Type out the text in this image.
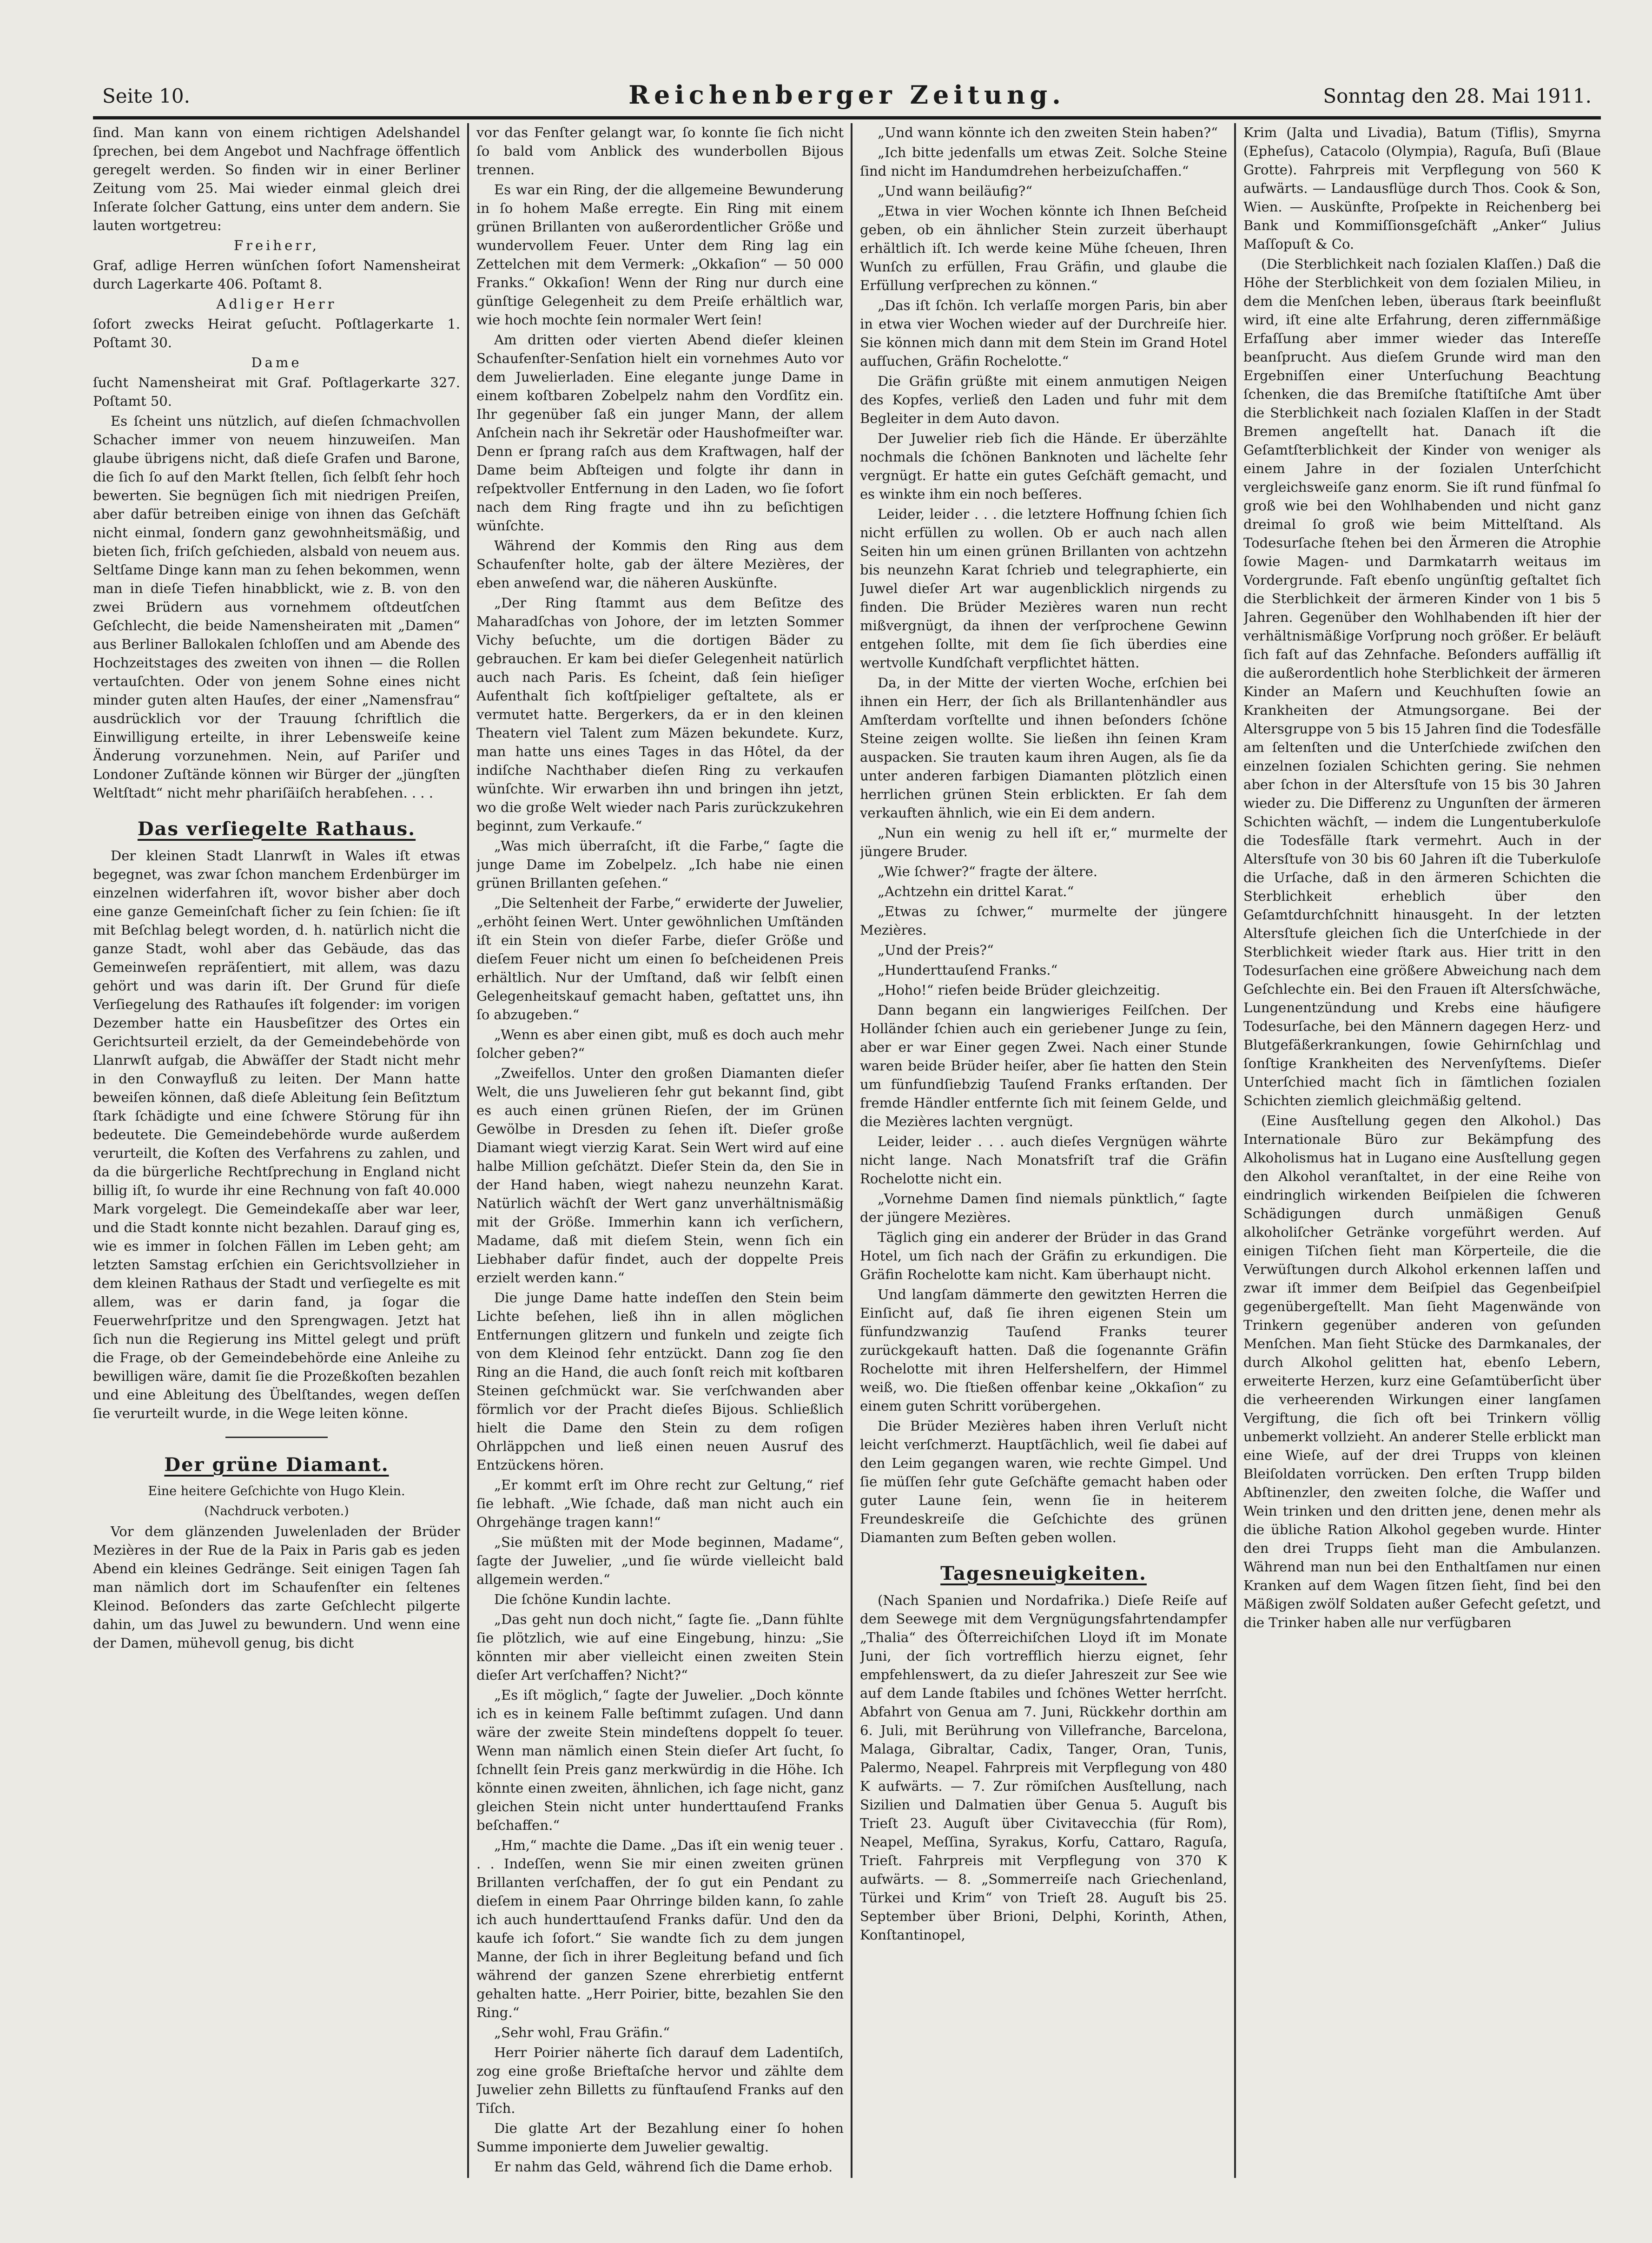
Seite 10.	Reichenberger Zeitung.	Sonntag den 28. Mai 1911.

ſind. Man kann von einem richtigen Adelshandel ſprechen, bei dem Angebot und Nachfrage öffentlich geregelt werden. So finden wir in einer Berliner Zeitung vom 25. Mai wieder einmal gleich drei Inſerate ſolcher Gattung, eins unter dem andern. Sie lauten wortgetreu:

Freiherr,

Graf, adlige Herren wünſchen ſofort Namensheirat durch Lagerkarte 406. Poſtamt 8.

Adliger Herr

ſofort zwecks Heirat geſucht. Poſtlagerkarte 1. Poſtamt 30.

Dame

ſucht Namensheirat mit Graf. Poſtlagerkarte 327. Poſtamt 50.

Es ſcheint uns nützlich, auf dieſen ſchmachvollen Schacher immer von neuem hinzuweiſen. Man glaube übrigens nicht, daß dieſe Grafen und Barone, die ſich ſo auf den Markt ſtellen, ſich ſelbſt ſehr hoch bewerten. Sie begnügen ſich mit niedrigen Preiſen, aber dafür betreiben einige von ihnen das Geſchäft nicht einmal, ſondern ganz gewohnheitsmäßig, und bieten ſich, friſch geſchieden, alsbald von neuem aus. Seltſame Dinge kann man zu ſehen bekommen, wenn man in dieſe Tiefen hinabblickt, wie z. B. von den zwei Brüdern aus vornehmem oſtdeutſchen Geſchlecht, die beide Namensheiraten mit „Damen“ aus Berliner Ballokalen ſchloſſen und am Abende des Hochzeitstages des zweiten von ihnen — die Rollen vertauſchten. Oder von jenem Sohne eines nicht minder guten alten Hauſes, der einer „Namensfrau“ ausdrücklich vor der Trauung ſchriftlich die Einwilligung erteilte, in ihrer Lebensweiſe keine Änderung vorzunehmen. Nein, auf Pariſer und Londoner Zuſtände können wir Bürger der „jüngſten Weltſtadt“ nicht mehr phariſäiſch herabſehen. . . .

Das verſiegelte Rathaus.

Der kleinen Stadt Llanrwſt in Wales iſt etwas begegnet, was zwar ſchon manchem Erdenbürger im einzelnen widerfahren iſt, wovor bisher aber doch eine ganze Gemeinſchaft ſicher zu ſein ſchien: ſie iſt mit Beſchlag belegt worden, d. h. natürlich nicht die ganze Stadt, wohl aber das Gebäude, das das Gemeinweſen repräſentiert, mit allem, was dazu gehört und was darin iſt. Der Grund für dieſe Verſiegelung des Rathauſes iſt folgender: im vorigen Dezember hatte ein Hausbeſitzer des Ortes ein Gerichtsurteil erzielt, da der Gemeindebehörde von Llanrwſt aufgab, die Abwäſſer der Stadt nicht mehr in den Conwayfluß zu leiten. Der Mann hatte beweiſen können, daß dieſe Ableitung ſein Beſitztum ſtark ſchädigte und eine ſchwere Störung für ihn bedeutete. Die Gemeindebehörde wurde außerdem verurteilt, die Koſten des Verfahrens zu zahlen, und da die bürgerliche Rechtſprechung in England nicht billig iſt, ſo wurde ihr eine Rechnung von faſt 40.000 Mark vorgelegt. Die Gemeindekaſſe aber war leer, und die Stadt konnte nicht bezahlen. Darauf ging es, wie es immer in ſolchen Fällen im Leben geht; am letzten Samstag erſchien ein Gerichtsvollzieher in dem kleinen Rathaus der Stadt und verſiegelte es mit allem, was er darin fand, ja ſogar die Feuerwehrſpritze und den Sprengwagen. Jetzt hat ſich nun die Regierung ins Mittel gelegt und prüft die Frage, ob der Gemeindebehörde eine Anleihe zu bewilligen wäre, damit ſie die Prozeßkoſten bezahlen und eine Ableitung des Übelſtandes, wegen deſſen ſie verurteilt wurde, in die Wege leiten könne.

Der grüne Diamant.

Eine heitere Geſchichte von Hugo Klein.

(Nachdruck verboten.)

Vor dem glänzenden Juwelenladen der Brüder Mezières in der Rue de la Paix in Paris gab es jeden Abend ein kleines Gedränge. Seit einigen Tagen ſah man nämlich dort im Schaufenſter ein ſeltenes Kleinod. Beſonders das zarte Geſchlecht pilgerte dahin, um das Juwel zu bewundern. Und wenn eine der Damen, mühevoll genug, bis dicht

vor das Fenſter gelangt war, ſo konnte ſie ſich nicht ſo bald vom Anblick des wunderbollen Bijous trennen.

Es war ein Ring, der die allgemeine Bewunderung in ſo hohem Maße erregte. Ein Ring mit einem grünen Brillanten von außerordentlicher Größe und wundervollem Feuer. Unter dem Ring lag ein Zettelchen mit dem Vermerk: „Okkaſion“ — 50 000 Franks.“ Okkaſion! Wenn der Ring nur durch eine günſtige Gelegenheit zu dem Preiſe erhältlich war, wie hoch mochte ſein normaler Wert ſein!

Am dritten oder vierten Abend dieſer kleinen Schaufenſter-Senſation hielt ein vornehmes Auto vor dem Juwelierladen. Eine elegante junge Dame in einem koſtbaren Zobelpelz nahm den Vordſitz ein. Ihr gegenüber ſaß ein junger Mann, der allem Anſchein nach ihr Sekretär oder Haushofmeiſter war. Denn er ſprang raſch aus dem Kraftwagen, half der Dame beim Abſteigen und folgte ihr dann in reſpektvoller Entfernung in den Laden, wo ſie ſofort nach dem Ring fragte und ihn zu beſichtigen wünſchte.

Während der Kommis den Ring aus dem Schaufenſter holte, gab der ältere Mezières, der eben anweſend war, die näheren Auskünfte.

„Der Ring ſtammt aus dem Beſitze des Maharadſchas von Johore, der im letzten Sommer Vichy beſuchte, um die dortigen Bäder zu gebrauchen. Er kam bei dieſer Gelegenheit natürlich auch nach Paris. Es ſcheint, daß ſein hieſiger Aufenthalt ſich koſtſpieliger geſtaltete, als er vermutet hatte. Bergerkers, da er in den kleinen Theatern viel Talent zum Mäzen bekundete. Kurz, man hatte uns eines Tages in das Hôtel, da der indiſche Nachthaber dieſen Ring zu verkaufen wünſchte. Wir erwarben ihn und bringen ihn jetzt, wo die große Welt wieder nach Paris zurückzukehren beginnt, zum Verkaufe.“

„Was mich überraſcht, iſt die Farbe,“ ſagte die junge Dame im Zobelpelz. „Ich habe nie einen grünen Brillanten geſehen.“

„Die Seltenheit der Farbe,“ erwiderte der Juwelier, „erhöht ſeinen Wert. Unter gewöhnlichen Umſtänden iſt ein Stein von dieſer Farbe, dieſer Größe und dieſem Feuer nicht um einen ſo beſcheidenen Preis erhältlich. Nur der Umſtand, daß wir ſelbſt einen Gelegenheitskauf gemacht haben, geſtattet uns, ihn ſo abzugeben.“

„Wenn es aber einen gibt, muß es doch auch mehr ſolcher geben?“

„Zweifellos. Unter den großen Diamanten dieſer Welt, die uns Juwelieren ſehr gut bekannt ſind, gibt es auch einen grünen Rieſen, der im Grünen Gewölbe in Dresden zu ſehen iſt. Dieſer große Diamant wiegt vierzig Karat. Sein Wert wird auf eine halbe Million geſchätzt. Dieſer Stein da, den Sie in der Hand haben, wiegt nahezu neunzehn Karat. Natürlich wächſt der Wert ganz unverhältnismäßig mit der Größe. Immerhin kann ich verſichern, Madame, daß mit dieſem Stein, wenn ſich ein Liebhaber dafür findet, auch der doppelte Preis erzielt werden kann.“

Die junge Dame hatte indeſſen den Stein beim Lichte beſehen, ließ ihn in allen möglichen Entfernungen glitzern und funkeln und zeigte ſich von dem Kleinod ſehr entzückt. Dann zog ſie den Ring an die Hand, die auch ſonſt reich mit koſtbaren Steinen geſchmückt war. Sie verſchwanden aber förmlich vor der Pracht dieſes Bijous. Schließlich hielt die Dame den Stein zu dem roſigen Ohrläppchen und ließ einen neuen Ausruf des Entzückens hören.

„Er kommt erſt im Ohre recht zur Geltung,“ rief ſie lebhaft. „Wie ſchade, daß man nicht auch ein Ohrgehänge tragen kann!“

„Sie müßten mit der Mode beginnen, Madame“, ſagte der Juwelier, „und ſie würde vielleicht bald allgemein werden.“

Die ſchöne Kundin lachte.

„Das geht nun doch nicht,“ ſagte ſie. „Dann fühlte ſie plötzlich, wie auf eine Eingebung, hinzu: „Sie könnten mir aber vielleicht einen zweiten Stein dieſer Art verſchaffen? Nicht?“

„Es iſt möglich,“ ſagte der Juwelier. „Doch könnte ich es in keinem Falle beſtimmt zuſagen. Und dann wäre der zweite Stein mindeſtens doppelt ſo teuer. Wenn man nämlich einen Stein dieſer Art ſucht, ſo ſchnellt ſein Preis ganz merkwürdig in die Höhe. Ich könnte einen zweiten, ähnlichen, ich ſage nicht, ganz gleichen Stein nicht unter hunderttauſend Franks beſchaffen.“

„Hm,“ machte die Dame. „Das iſt ein wenig teuer . . . Indeſſen, wenn Sie mir einen zweiten grünen Brillanten verſchaffen, der ſo gut ein Pendant zu dieſem in einem Paar Ohrringe bilden kann, ſo zahle ich auch hunderttauſend Franks dafür. Und den da kaufe ich ſofort.“ Sie wandte ſich zu dem jungen Manne, der ſich in ihrer Begleitung befand und ſich während der ganzen Szene ehrerbietig entfernt gehalten hatte. „Herr Poirier, bitte, bezahlen Sie den Ring.“

„Sehr wohl, Frau Gräfin.“

Herr Poirier näherte ſich darauf dem Ladentiſch, zog eine große Brieftaſche hervor und zählte dem Juwelier zehn Billetts zu fünftauſend Franks auf den Tiſch.

Die glatte Art der Bezahlung einer ſo hohen Summe imponierte dem Juwelier gewaltig.

Er nahm das Geld, während ſich die Dame erhob.

„Und wann könnte ich den zweiten Stein haben?“

„Ich bitte jedenfalls um etwas Zeit. Solche Steine ſind nicht im Handumdrehen herbeizuſchaffen.“

„Und wann beiläufig?“

„Etwa in vier Wochen könnte ich Ihnen Beſcheid geben, ob ein ähnlicher Stein zurzeit überhaupt erhältlich iſt. Ich werde keine Mühe ſcheuen, Ihren Wunſch zu erfüllen, Frau Gräfin, und glaube die Erfüllung verſprechen zu können.“

„Das iſt ſchön. Ich verlaſſe morgen Paris, bin aber in etwa vier Wochen wieder auf der Durchreiſe hier. Sie können mich dann mit dem Stein im Grand Hotel aufſuchen, Gräfin Rochelotte.“

Die Gräfin grüßte mit einem anmutigen Neigen des Kopfes, verließ den Laden und fuhr mit dem Begleiter in dem Auto davon.

Der Juwelier rieb ſich die Hände. Er überzählte nochmals die ſchönen Banknoten und lächelte ſehr vergnügt. Er hatte ein gutes Geſchäft gemacht, und es winkte ihm ein noch beſſeres.

Leider, leider . . . die letztere Hoffnung ſchien ſich nicht erfüllen zu wollen. Ob er auch nach allen Seiten hin um einen grünen Brillanten von achtzehn bis neunzehn Karat ſchrieb und telegraphierte, ein Juwel dieſer Art war augenblicklich nirgends zu finden. Die Brüder Mezières waren nun recht mißvergnügt, da ihnen der verſprochene Gewinn entgehen ſollte, mit dem ſie ſich überdies eine wertvolle Kundſchaft verpflichtet hätten.

Da, in der Mitte der vierten Woche, erſchien bei ihnen ein Herr, der ſich als Brillantenhändler aus Amſterdam vorſtellte und ihnen beſonders ſchöne Steine zeigen wollte. Sie ließen ihn ſeinen Kram auspacken. Sie trauten kaum ihren Augen, als ſie da unter anderen farbigen Diamanten plötzlich einen herrlichen grünen Stein erblickten. Er ſah dem verkauften ähnlich, wie ein Ei dem andern.

„Nun ein wenig zu hell iſt er,“ murmelte der jüngere Bruder.

„Wie ſchwer?“ fragte der ältere.

„Achtzehn ein drittel Karat.“

„Etwas zu ſchwer,“ murmelte der jüngere Mezières.

„Und der Preis?“

„Hunderttauſend Franks.“

„Hoho!“ riefen beide Brüder gleichzeitig.

Dann begann ein langwieriges Feilſchen. Der Holländer ſchien auch ein geriebener Junge zu ſein, aber er war Einer gegen Zwei. Nach einer Stunde waren beide Brüder heiſer, aber ſie hatten den Stein um fünfundſiebzig Tauſend Franks erſtanden. Der fremde Händler entfernte ſich mit ſeinem Gelde, und die Mezières lachten vergnügt.

Leider, leider . . . auch dieſes Vergnügen währte nicht lange. Nach Monatsfriſt traf die Gräfin Rochelotte nicht ein.

„Vornehme Damen ſind niemals pünktlich,“ ſagte der jüngere Mezières.

Täglich ging ein anderer der Brüder in das Grand Hotel, um ſich nach der Gräfin zu erkundigen. Die Gräfin Rochelotte kam nicht. Kam überhaupt nicht.

Und langſam dämmerte den gewitzten Herren die Einſicht auf, daß ſie ihren eigenen Stein um fünfundzwanzig Tauſend Franks teurer zurückgekauft hatten. Daß die ſogenannte Gräfin Rochelotte mit ihren Helfershelfern, der Himmel weiß, wo. Die ſtießen offenbar keine „Okkaſion“ zu einem guten Schritt vorübergehen.

Die Brüder Mezières haben ihren Verluſt nicht leicht verſchmerzt. Hauptſächlich, weil ſie dabei auf den Leim gegangen waren, wie rechte Gimpel. Und ſie müſſen ſehr gute Geſchäfte gemacht haben oder guter Laune ſein, wenn ſie in heiterem Freundeskreiſe die Geſchichte des grünen Diamanten zum Beſten geben wollen.

Tagesneuigkeiten.

(Nach Spanien und Nordafrika.) Dieſe Reiſe auf dem Seewege mit dem Vergnügungsfahrtendampfer „Thalia“ des Öſterreichiſchen Lloyd iſt im Monate Juni, der ſich vortrefflich hierzu eignet, ſehr empfehlenswert, da zu dieſer Jahreszeit zur See wie auf dem Lande ſtabiles und ſchönes Wetter herrſcht. Abfahrt von Genua am 7. Juni, Rückkehr dorthin am 6. Juli, mit Berührung von Villefranche, Barcelona, Malaga, Gibraltar, Cadix, Tanger, Oran, Tunis, Palermo, Neapel. Fahrpreis mit Verpflegung von 480 K aufwärts. — 7. Zur römiſchen Ausſtellung, nach Sizilien und Dalmatien über Genua 5. Auguſt bis Trieſt 23. Auguſt über Civitavecchia (für Rom), Neapel, Meſſina, Syrakus, Korfu, Cattaro, Raguſa, Trieſt. Fahrpreis mit Verpflegung von 370 K aufwärts. — 8. „Sommerreiſe nach Griechenland, Türkei und Krim“ von Trieſt 28. Auguſt bis 25. September über Brioni, Delphi, Korinth, Athen, Konſtantinopel,

Krim (Jalta und Livadia), Batum (Tiflis), Smyrna (Epheſus), Catacolo (Olympia), Raguſa, Buſi (Blaue Grotte). Fahrpreis mit Verpflegung von 560 K aufwärts. — Landausflüge durch Thos. Cook & Son, Wien. — Auskünfte, Proſpekte in Reichenberg bei Bank und Kommiſſionsgeſchäft „Anker“ Julius Maſſopuſt & Co.

(Die Sterblichkeit nach ſozialen Klaſſen.) Daß die Höhe der Sterblichkeit von dem ſozialen Milieu, in dem die Menſchen leben, überaus ſtark beeinflußt wird, iſt eine alte Erfahrung, deren ziffernmäßige Erfaſſung aber immer wieder das Intereſſe beanſprucht. Aus dieſem Grunde wird man den Ergebniſſen einer Unterſuchung Beachtung ſchenken, die das Bremiſche ſtatiſtiſche Amt über die Sterblichkeit nach ſozialen Klaſſen in der Stadt Bremen angeſtellt hat. Danach iſt die Geſamtſterblichkeit der Kinder von weniger als einem Jahre in der ſozialen Unterſchicht vergleichsweiſe ganz enorm. Sie iſt rund fünfmal ſo groß wie bei den Wohlhabenden und nicht ganz dreimal ſo groß wie beim Mittelſtand. Als Todesurſache ſtehen bei den Ärmeren die Atrophie ſowie Magen- und Darmkatarrh weitaus im Vordergrunde. Faſt ebenſo ungünſtig geſtaltet ſich die Sterblichkeit der ärmeren Kinder von 1 bis 5 Jahren. Gegenüber den Wohlhabenden iſt hier der verhältnismäßige Vorſprung noch größer. Er beläuft ſich faſt auf das Zehnfache. Beſonders auffällig iſt die außerordentlich hohe Sterblichkeit der ärmeren Kinder an Maſern und Keuchhuſten ſowie an Krankheiten der Atmungsorgane. Bei der Altersgruppe von 5 bis 15 Jahren ſind die Todesfälle am ſeltenſten und die Unterſchiede zwiſchen den einzelnen ſozialen Schichten gering. Sie nehmen aber ſchon in der Altersſtufe von 15 bis 30 Jahren wieder zu. Die Differenz zu Ungunſten der ärmeren Schichten wächſt, — indem die Lungentuberkuloſe die Todesfälle ſtark vermehrt. Auch in der Altersſtufe von 30 bis 60 Jahren iſt die Tuberkuloſe die Urſache, daß in den ärmeren Schichten die Sterblichkeit erheblich über den Geſamtdurchſchnitt hinausgeht. In der letzten Altersſtufe gleichen ſich die Unterſchiede in der Sterblichkeit wieder ſtark aus. Hier tritt in den Todesurſachen eine größere Abweichung nach dem Geſchlechte ein. Bei den Frauen iſt Altersſchwäche, Lungenentzündung und Krebs eine häufigere Todesurſache, bei den Männern dagegen Herz- und Blutgefäßerkrankungen, ſowie Gehirnſchlag und ſonſtige Krankheiten des Nervenſyſtems. Dieſer Unterſchied macht ſich in ſämtlichen ſozialen Schichten ziemlich gleichmäßig geltend.

(Eine Ausſtellung gegen den Alkohol.) Das Internationale Büro zur Bekämpfung des Alkoholismus hat in Lugano eine Ausſtellung gegen den Alkohol veranſtaltet, in der eine Reihe von eindringlich wirkenden Beiſpielen die ſchweren Schädigungen durch unmäßigen Genuß alkoholiſcher Getränke vorgeführt werden. Auf einigen Tiſchen ſieht man Körperteile, die die Verwüſtungen durch Alkohol erkennen laſſen und zwar iſt immer dem Beiſpiel das Gegenbeiſpiel gegenübergeſtellt. Man ſieht Magenwände von Trinkern gegenüber anderen von geſunden Menſchen. Man ſieht Stücke des Darmkanales, der durch Alkohol gelitten hat, ebenſo Lebern, erweiterte Herzen, kurz eine Geſamtüberſicht über die verheerenden Wirkungen einer langſamen Vergiftung, die ſich oft bei Trinkern völlig unbemerkt vollzieht. An anderer Stelle erblickt man eine Wieſe, auf der drei Trupps von kleinen Bleiſoldaten vorrücken. Den erſten Trupp bilden Abſtinenzler, den zweiten ſolche, die Waſſer und Wein trinken und den dritten jene, denen mehr als die übliche Ration Alkohol gegeben wurde. Hinter den drei Trupps ſieht man die Ambulanzen. Während man nun bei den Enthaltſamen nur einen Kranken auf dem Wagen ſitzen ſieht, ſind bei den Mäßigen zwölf Soldaten außer Gefecht geſetzt, und die Trinker haben alle nur verfügbaren
